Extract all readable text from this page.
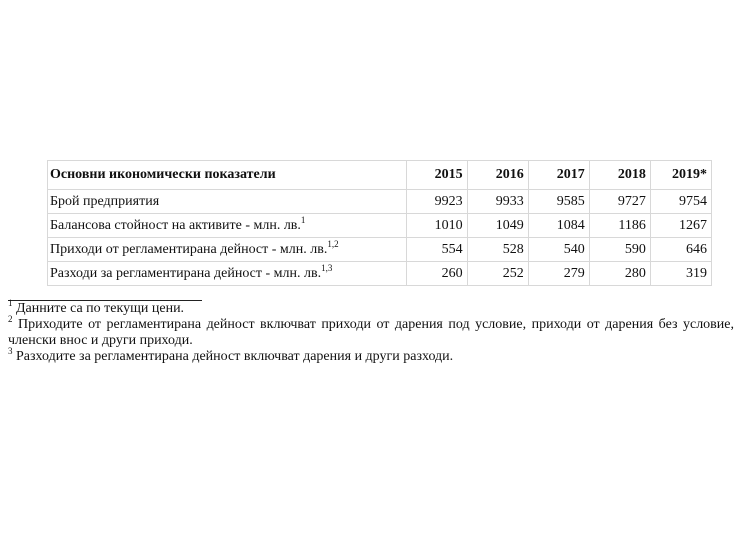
Основни икономически показатели	2015	2016	2017	2018	2019*
Брой предприятия	9923	9933	9585	9727	9754
Балансова стойност на активите - млн. лв.$^1$	1010	1049	1084	1186	1267
Приходи от регламентирана дейност - млн. лв.$^{1,2}$	554	528	540	590	646
Разходи за регламентирана дейност - млн. лв.$^{1,3}$	260	252	279	280	319

$^1$ Данните са по текущи цени.

$^2$ Приходите от регламентирана дейност включват приходи от дарения под условие, приходи от дарения без условие, членски внос и други приходи.

$^3$ Разходите за регламентирана дейност включват дарения и други разходи.
